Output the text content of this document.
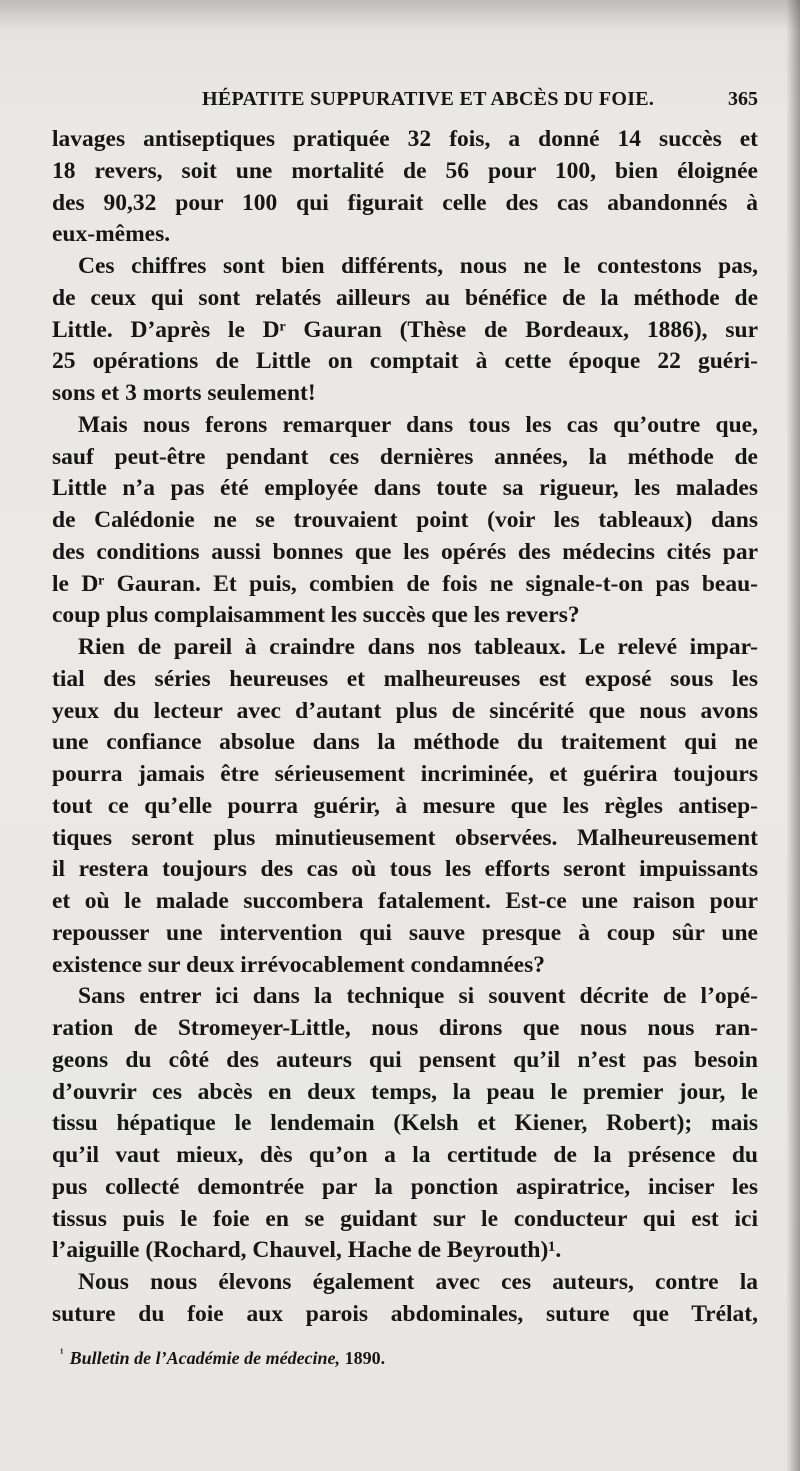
HÉPATITE SUPPURATIVE ET ABCÈS DU FOIE.	365
lavages antiseptiques pratiquée 32 fois, a donné 14 succès et
18 revers, soit une mortalité de 56 pour 100, bien éloignée
des 90,32 pour 100 qui figurait celle des cas abandonnés à
eux-mêmes.
Ces chiffres sont bien différents, nous ne le contestons pas,
de ceux qui sont relatés ailleurs au bénéfice de la méthode de
Little. D’après le Dʳ Gauran (Thèse de Bordeaux, 1886), sur
25 opérations de Little on comptait à cette époque 22 guéri-
sons et 3 morts seulement!
Mais nous ferons remarquer dans tous les cas qu’outre que,
sauf peut-être pendant ces dernières années, la méthode de
Little n’a pas été employée dans toute sa rigueur, les malades
de Calédonie ne se trouvaient point (voir les tableaux) dans
des conditions aussi bonnes que les opérés des médecins cités par
le Dʳ Gauran. Et puis, combien de fois ne signale-t-on pas beau-
coup plus complaisamment les succès que les revers?
Rien de pareil à craindre dans nos tableaux. Le relevé impar-
tial des séries heureuses et malheureuses est exposé sous les
yeux du lecteur avec d’autant plus de sincérité que nous avons
une confiance absolue dans la méthode du traitement qui ne
pourra jamais être sérieusement incriminée, et guérira toujours
tout ce qu’elle pourra guérir, à mesure que les règles antisep-
tiques seront plus minutieusement observées. Malheureusement
il restera toujours des cas où tous les efforts seront impuissants
et où le malade succombera fatalement. Est-ce une raison pour
repousser une intervention qui sauve presque à coup sûr une
existence sur deux irrévocablement condamnées?
Sans entrer ici dans la technique si souvent décrite de l’opé-
ration de Stromeyer-Little, nous dirons que nous nous ran-
geons du côté des auteurs qui pensent qu’il n’est pas besoin
d’ouvrir ces abcès en deux temps, la peau le premier jour, le
tissu hépatique le lendemain (Kelsh et Kiener, Robert); mais
qu’il vaut mieux, dès qu’on a la certitude de la présence du
pus collecté demontrée par la ponction aspiratrice, inciser les
tissus puis le foie en se guidant sur le conducteur qui est ici
l’aiguille (Rochard, Chauvel, Hache de Beyrouth)¹.
Nous nous élevons également avec ces auteurs, contre la
suture du foie aux parois abdominales, suture que Trélat,
$^{^1}$ Bulletin de l’Académie de médecine, 1890.
